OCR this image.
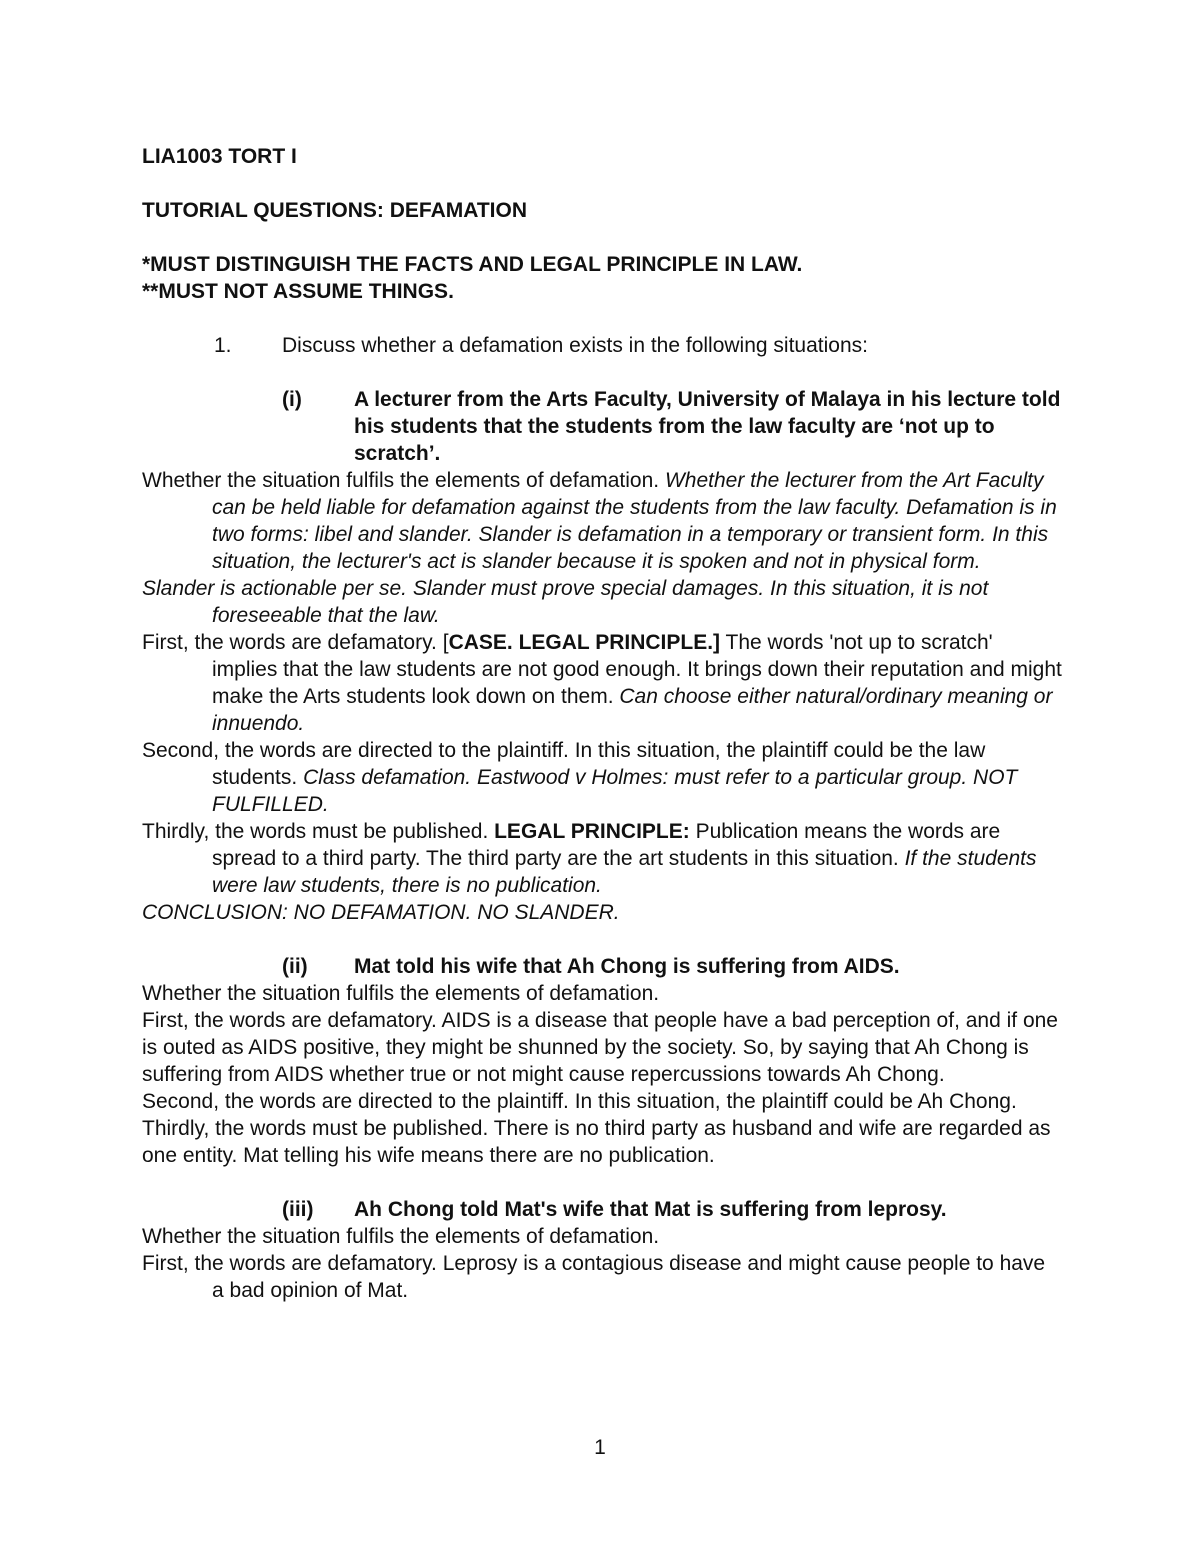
LIA1003 TORT I

TUTORIAL QUESTIONS: DEFAMATION

*MUST DISTINGUISH THE FACTS AND LEGAL PRINCIPLE IN LAW.

**MUST NOT ASSUME THINGS.

1. Discuss whether a defamation exists in the following situations:

(i) A lecturer from the Arts Faculty, University of Malaya in his lecture told his students that the students from the law faculty are ‘not up to scratch’.

Whether the situation fulfils the elements of defamation. Whether the lecturer from the Art Faculty can be held liable for defamation against the students from the law faculty. Defamation is in two forms: libel and slander. Slander is defamation in a temporary or transient form. In this situation, the lecturer's act is slander because it is spoken and not in physical form.

Slander is actionable per se. Slander must prove special damages. In this situation, it is not foreseeable that the law.

First, the words are defamatory. [CASE. LEGAL PRINCIPLE.] The words 'not up to scratch' implies that the law students are not good enough. It brings down their reputation and might make the Arts students look down on them. Can choose either natural/ordinary meaning or innuendo.

Second, the words are directed to the plaintiff. In this situation, the plaintiff could be the law students. Class defamation. Eastwood v Holmes: must refer to a particular group. NOT FULFILLED.

Thirdly, the words must be published. LEGAL PRINCIPLE: Publication means the words are spread to a third party. The third party are the art students in this situation. If the students were law students, there is no publication.

CONCLUSION: NO DEFAMATION. NO SLANDER.

(ii) Mat told his wife that Ah Chong is suffering from AIDS.

Whether the situation fulfils the elements of defamation.

First, the words are defamatory. AIDS is a disease that people have a bad perception of, and if one is outed as AIDS positive, they might be shunned by the society. So, by saying that Ah Chong is suffering from AIDS whether true or not might cause repercussions towards Ah Chong.

Second, the words are directed to the plaintiff. In this situation, the plaintiff could be Ah Chong.

Thirdly, the words must be published. There is no third party as husband and wife are regarded as one entity. Mat telling his wife means there are no publication.

(iii) Ah Chong told Mat's wife that Mat is suffering from leprosy.

Whether the situation fulfils the elements of defamation.

First, the words are defamatory. Leprosy is a contagious disease and might cause people to have a bad opinion of Mat.

1
